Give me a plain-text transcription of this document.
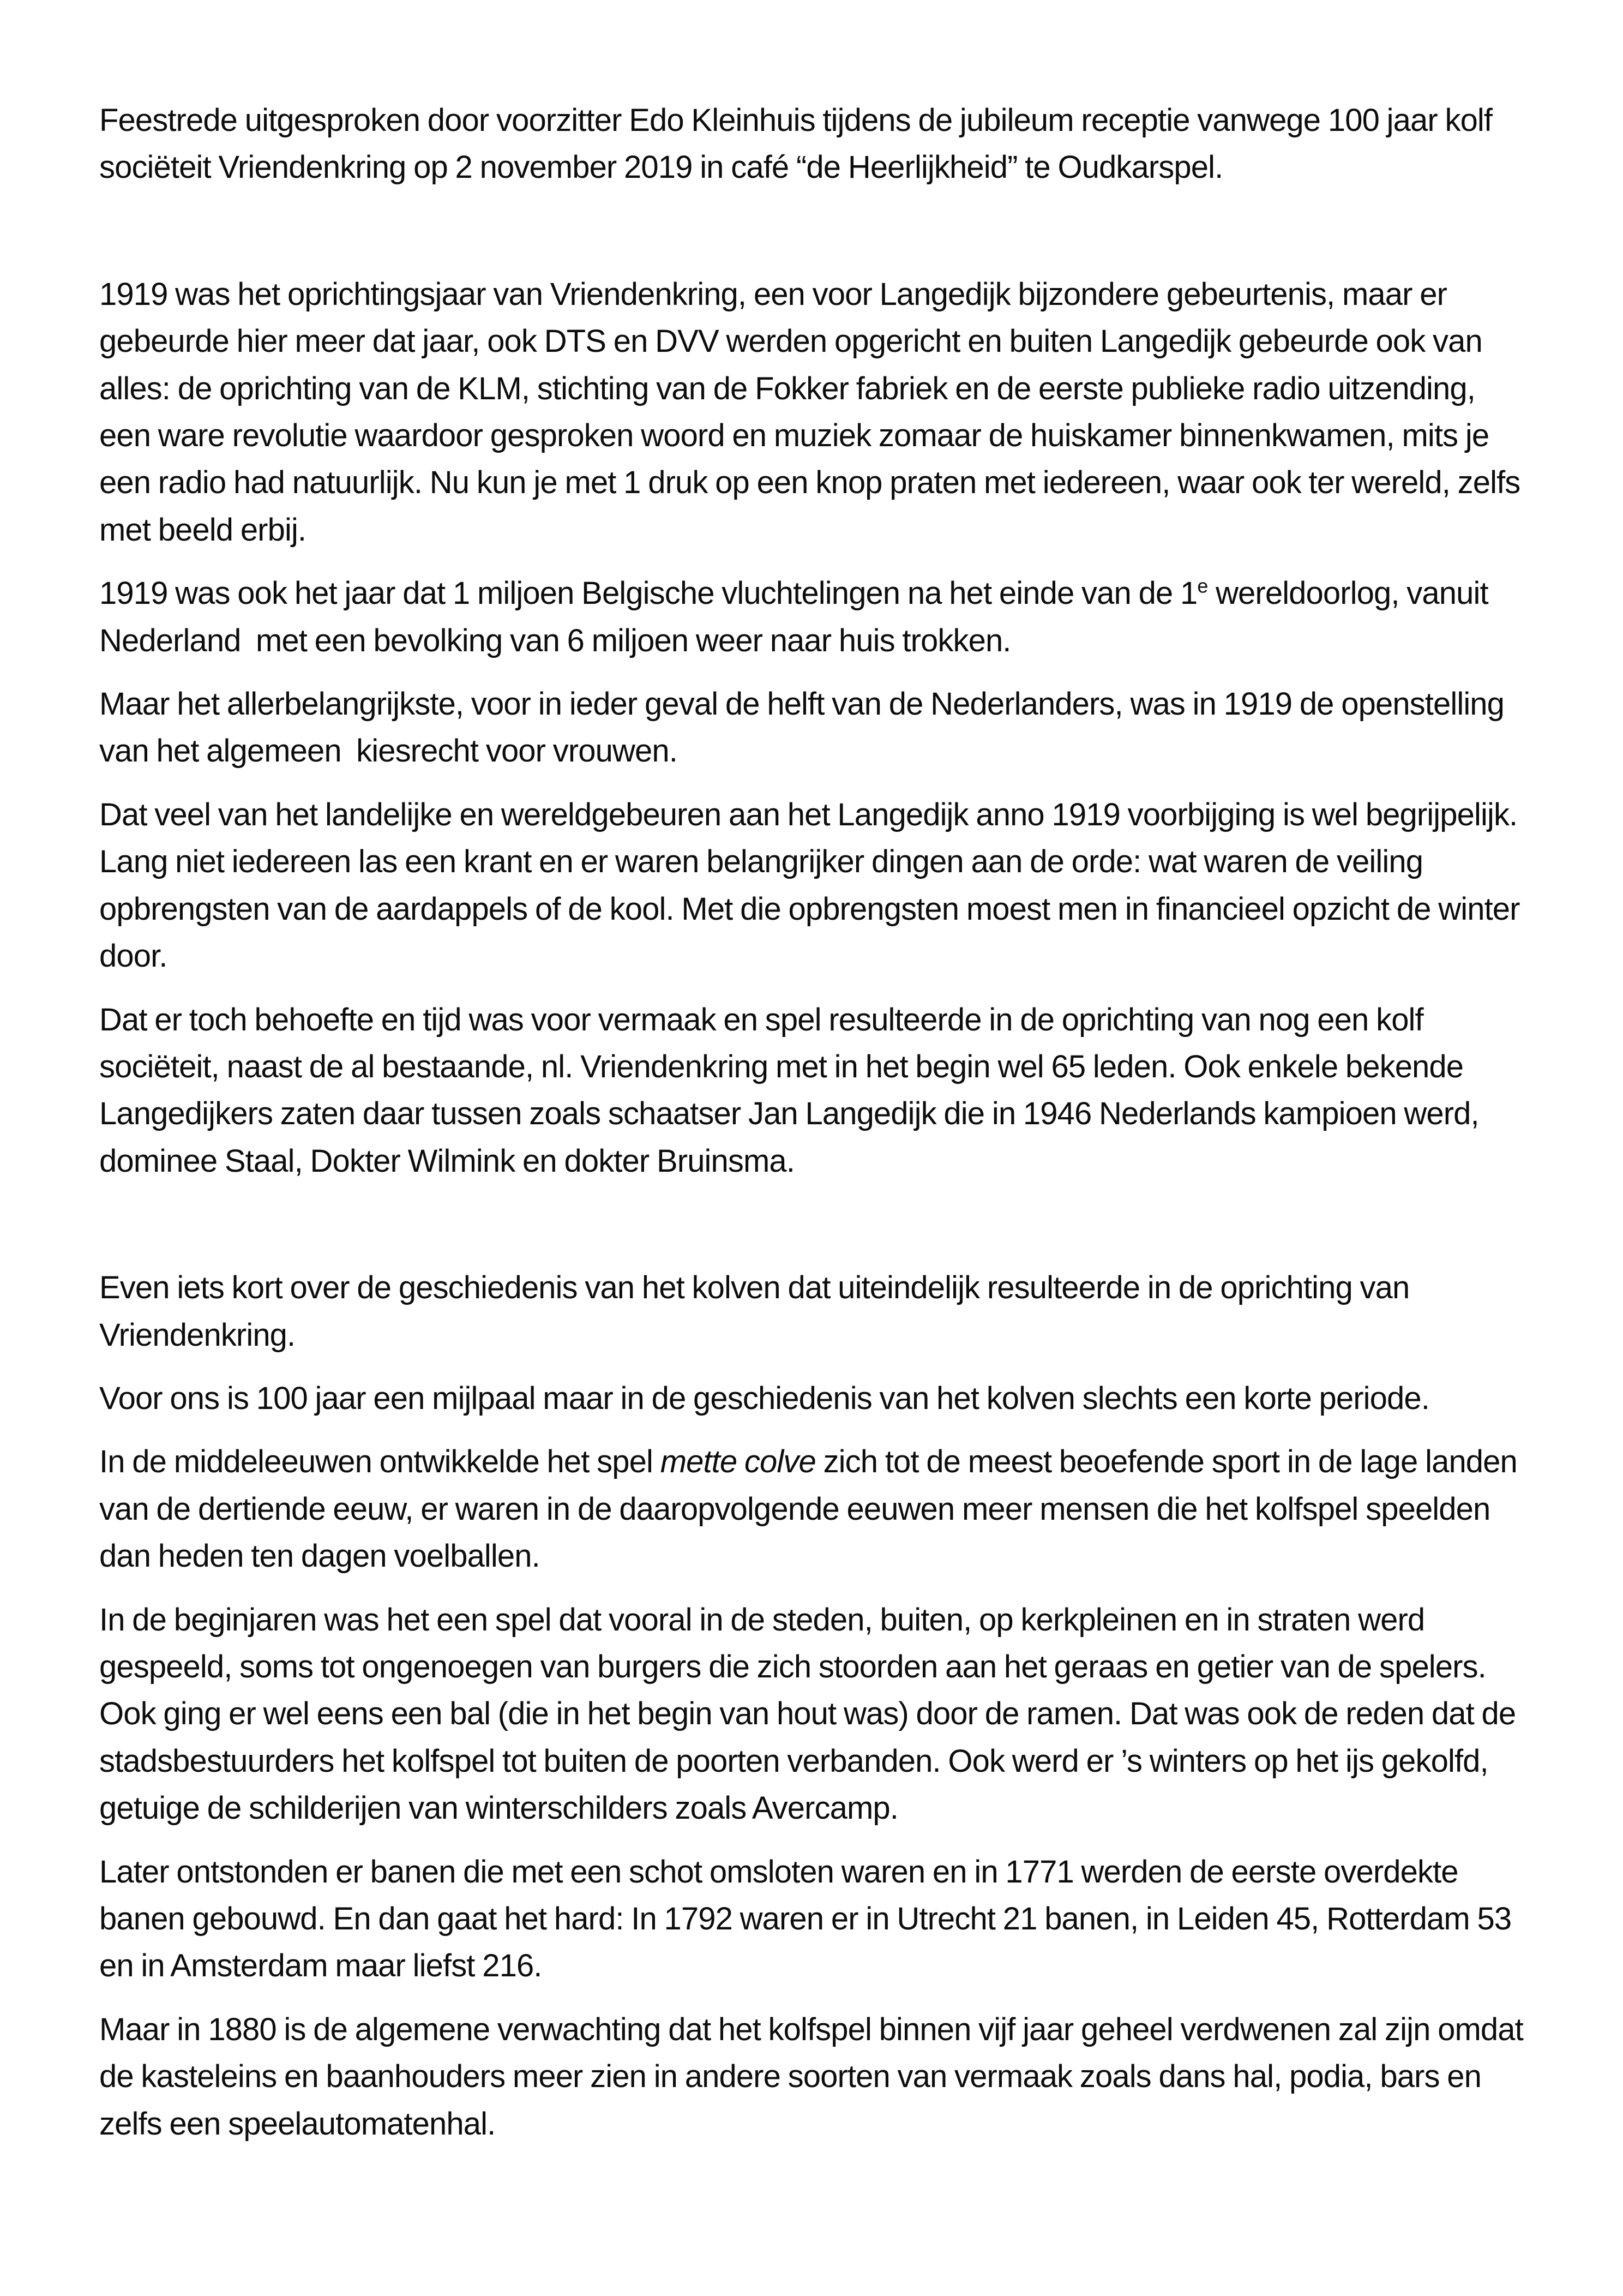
Feestrede uitgesproken door voorzitter Edo Kleinhuis tijdens de jubileum receptie vanwege 100 jaar kolf sociëteit Vriendenkring op 2 november 2019 in café “de Heerlijkheid” te Oudkarspel.

1919 was het oprichtingsjaar van Vriendenkring, een voor Langedijk bijzondere gebeurtenis, maar er gebeurde hier meer dat jaar, ook DTS en DVV werden opgericht en buiten Langedijk gebeurde ook van alles: de oprichting van de KLM, stichting van de Fokker fabriek en de eerste publieke radio uitzending, een ware revolutie waardoor gesproken woord en muziek zomaar de huiskamer binnenkwamen, mits je een radio had natuurlijk. Nu kun je met 1 druk op een knop praten met iedereen, waar ook ter wereld, zelfs met beeld erbij.

1919 was ook het jaar dat 1 miljoen Belgische vluchtelingen na het einde van de 1e wereldoorlog, vanuit Nederland  met een bevolking van 6 miljoen weer naar huis trokken.

Maar het allerbelangrijkste, voor in ieder geval de helft van de Nederlanders, was in 1919 de openstelling van het algemeen  kiesrecht voor vrouwen.

Dat veel van het landelijke en wereldgebeuren aan het Langedijk anno 1919 voorbijging is wel begrijpelijk. Lang niet iedereen las een krant en er waren belangrijker dingen aan de orde: wat waren de veiling opbrengsten van de aardappels of de kool. Met die opbrengsten moest men in financieel opzicht de winter door.

Dat er toch behoefte en tijd was voor vermaak en spel resulteerde in de oprichting van nog een kolf sociëteit, naast de al bestaande, nl. Vriendenkring met in het begin wel 65 leden. Ook enkele bekende Langedijkers zaten daar tussen zoals schaatser Jan Langedijk die in 1946 Nederlands kampioen werd, dominee Staal, Dokter Wilmink en dokter Bruinsma.

Even iets kort over de geschiedenis van het kolven dat uiteindelijk resulteerde in de oprichting van Vriendenkring.

Voor ons is 100 jaar een mijlpaal maar in de geschiedenis van het kolven slechts een korte periode.

In de middeleeuwen ontwikkelde het spel mette colve zich tot de meest beoefende sport in de lage landen van de dertiende eeuw, er waren in de daaropvolgende eeuwen meer mensen die het kolfspel speelden dan heden ten dagen voelballen.

In de beginjaren was het een spel dat vooral in de steden, buiten, op kerkpleinen en in straten werd gespeeld, soms tot ongenoegen van burgers die zich stoorden aan het geraas en getier van de spelers. Ook ging er wel eens een bal (die in het begin van hout was) door de ramen. Dat was ook de reden dat de stadsbestuurders het kolfspel tot buiten de poorten verbanden. Ook werd er ’s winters op het ijs gekolfd, getuige de schilderijen van winterschilders zoals Avercamp.

Later ontstonden er banen die met een schot omsloten waren en in 1771 werden de eerste overdekte banen gebouwd. En dan gaat het hard: In 1792 waren er in Utrecht 21 banen, in Leiden 45, Rotterdam 53 en in Amsterdam maar liefst 216.

Maar in 1880 is de algemene verwachting dat het kolfspel binnen vijf jaar geheel verdwenen zal zijn omdat de kasteleins en baanhouders meer zien in andere soorten van vermaak zoals dans hal, podia, bars en zelfs een speelautomatenhal.
